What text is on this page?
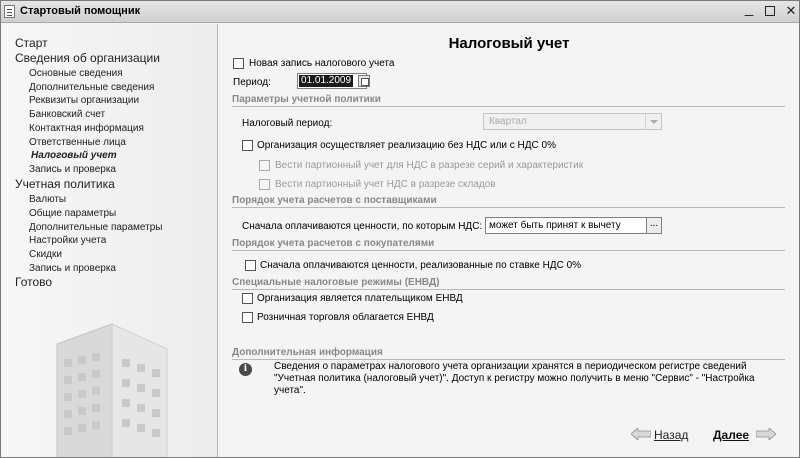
Стартовый помощник	_ ✕
Старт
Сведения об организации
Основные сведения
Дополнительные сведения
Реквизиты организации
Банковский счет
Контактная информация
Ответственные лица
Налоговый учет
Запись и проверка
Учетная политика
Валюты
Общие параметры
Дополнительные параметры
Настройки учета
Скидки
Запись и проверка
Готово
Налоговый учет
Новая запись налогового учета
Период:	01.01.2009
Параметры учетной политики
Налоговый период:	Квартал
Организация осуществляет реализацию без НДС или с НДС 0%
Вести партионный учет для НДС в разрезе серий и характеристик
Вести партионный учет НДС в разрезе складов
Порядок учета расчетов с поставщиками
Сначала оплачиваются ценности, по которым НДС: может быть принят к вычету	...
Порядок учета расчетов с покупателями
Сначала оплачиваются ценности, реализованные по ставке НДС 0%
Специальные налоговые режимы (ЕНВД)
Организация является плательщиком ЕНВД
Розничная торговля облагается ЕНВД
Дополнительная информация
i	Сведения о параметрах налогового учета организации хранятся в периодическом регистре сведений "Учетная политика (налоговый учет)". Доступ к регистру можно получить в меню "Сервис" - "Настройка учета".
Назад Далее
